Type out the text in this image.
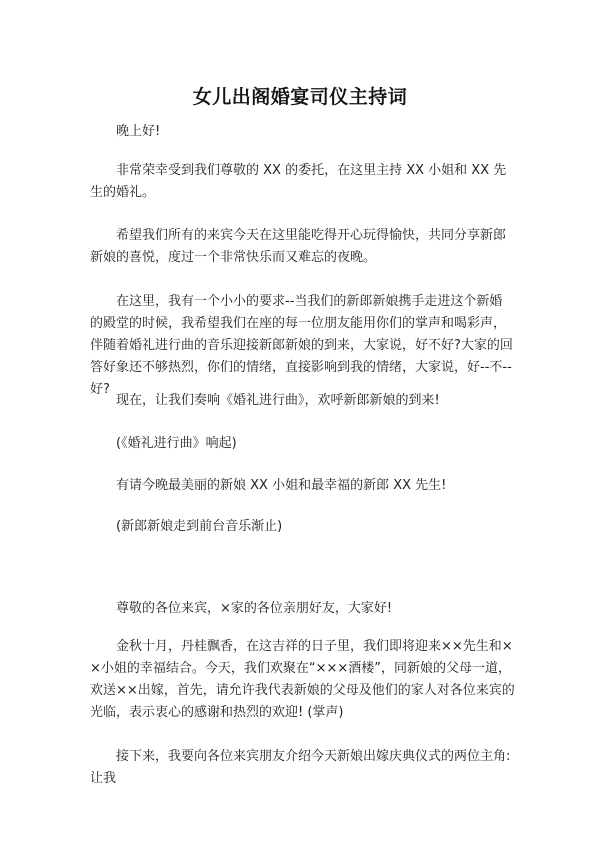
女儿出阁婚宴司仪主持词

晚上好!

非常荣幸受到我们尊敬的 XX 的委托，在这里主持 XX 小姐和 XX 先生的婚礼。

希望我们所有的来宾今天在这里能吃得开心玩得愉快，共同分享新郎新娘的喜悦，度过一个非常快乐而又难忘的夜晚。

在这里，我有一个小小的要求--当我们的新郎新娘携手走进这个新婚的殿堂的时候，我希望我们在座的每一位朋友能用你们的掌声和喝彩声，伴随着婚礼进行曲的音乐迎接新郎新娘的到来，大家说，好不好?大家的回答好象还不够热烈，你们的情绪，直接影响到我的情绪，大家说，好--不--好?

现在，让我们奏响《婚礼进行曲》，欢呼新郎新娘的到来!

(《婚礼进行曲》响起)

有请今晚最美丽的新娘 XX 小姐和最幸福的新郎 XX 先生!

(新郎新娘走到前台音乐渐止)

尊敬的各位来宾，×家的各位亲朋好友，大家好!

金秋十月，丹桂飘香，在这吉祥的日子里，我们即将迎来××先生和××小姐的幸福结合。今天，我们欢聚在“×××酒楼”，同新娘的父母一道，欢送××出嫁，首先，请允许我代表新娘的父母及他们的家人对各位来宾的光临，表示衷心的感谢和热烈的欢迎! (掌声)

接下来，我要向各位来宾朋友介绍今天新娘出嫁庆典仪式的两位主角: 让我
